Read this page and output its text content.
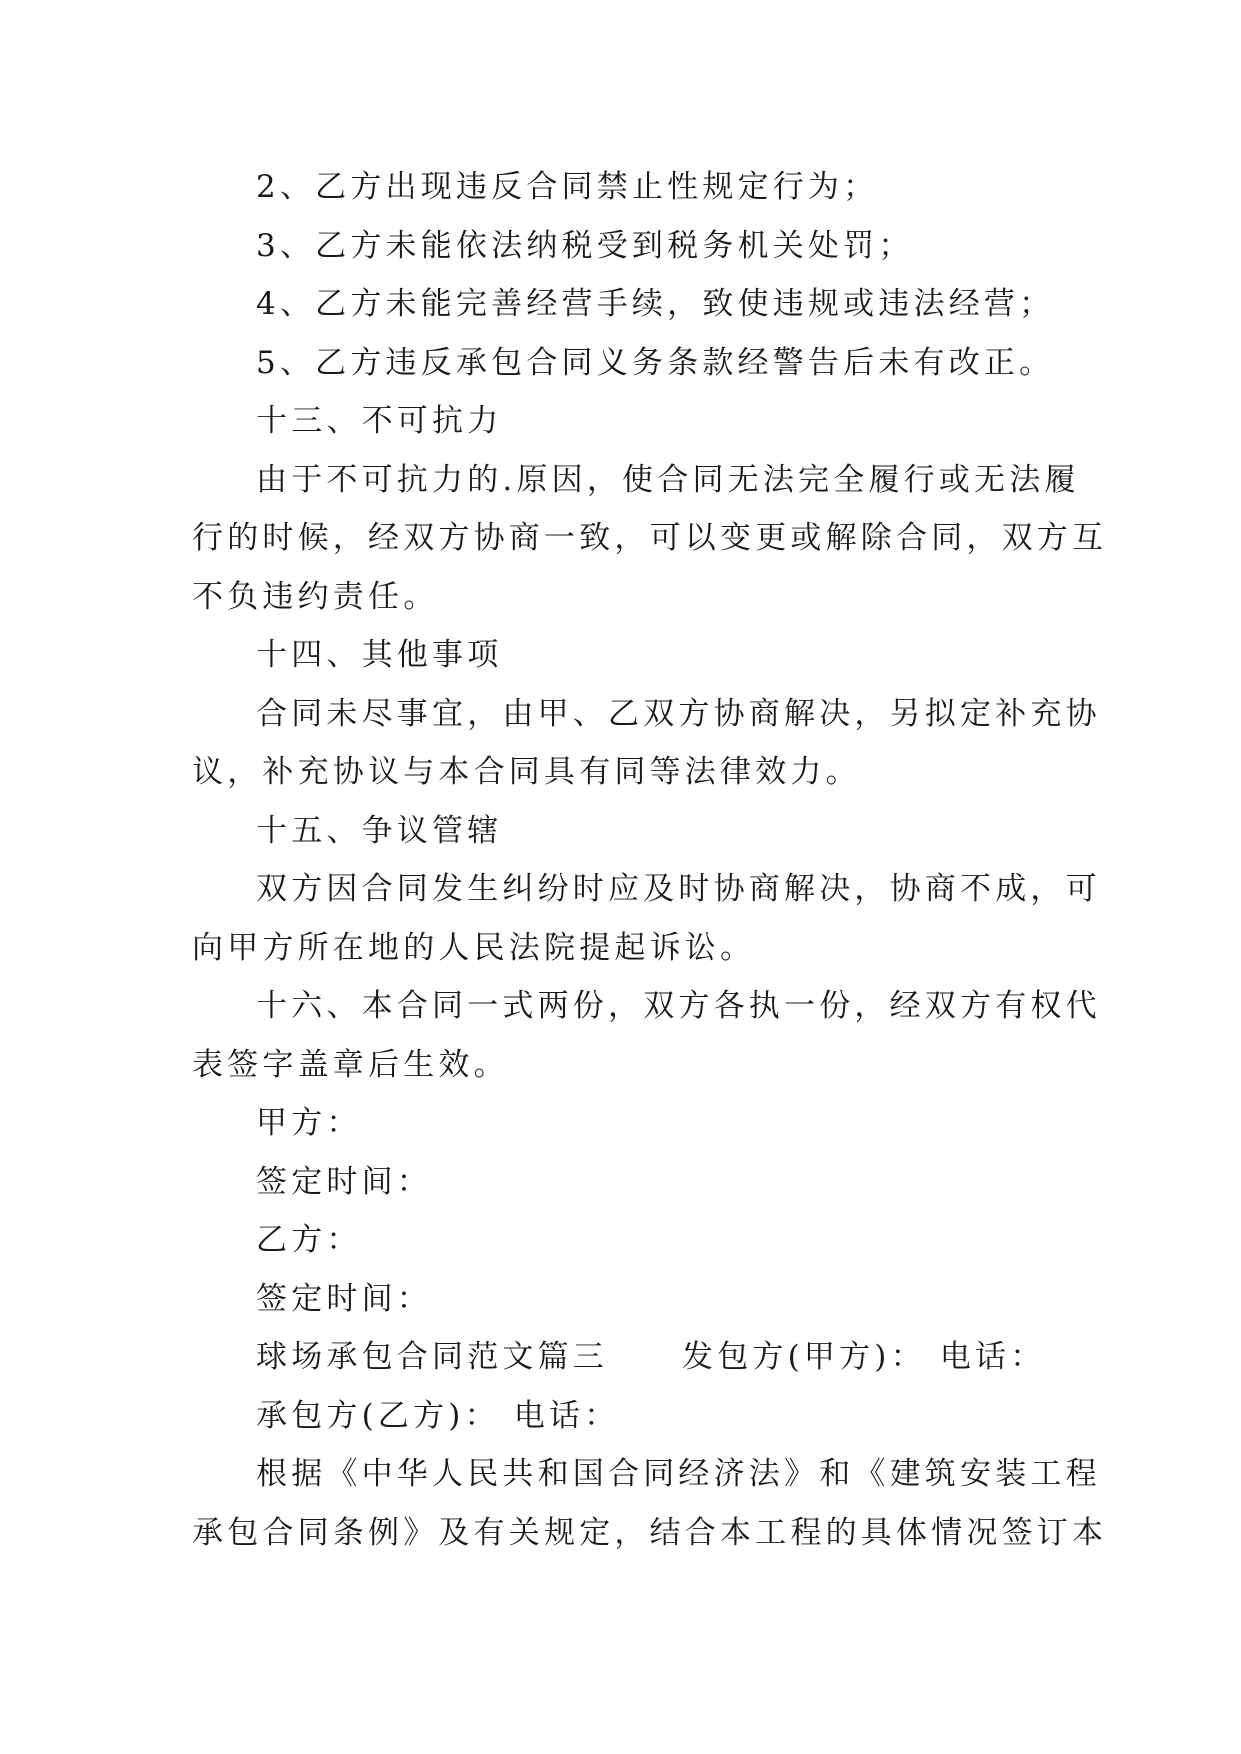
2、乙方出现违反合同禁止性规定行为；
3、乙方未能依法纳税受到税务机关处罚；
4、乙方未能完善经营手续，致使违规或违法经营；
5、乙方违反承包合同义务条款经警告后未有改正。
十三、不可抗力
由于不可抗力的.原因，使合同无法完全履行或无法履
行的时候，经双方协商一致，可以变更或解除合同，双方互
不负违约责任。
十四、其他事项
合同未尽事宜，由甲、乙双方协商解决，另拟定补充协
议，补充协议与本合同具有同等法律效力。
十五、争议管辖
双方因合同发生纠纷时应及时协商解决，协商不成，可
向甲方所在地的人民法院提起诉讼。
十六、本合同一式两份，双方各执一份，经双方有权代
表签字盖章后生效。
甲方：
签定时间：
乙方：
签定时间：
球场承包合同范文篇三 发包方(甲方)： 电话：
承包方(乙方)： 电话：
根据《中华人民共和国合同经济法》和《建筑安装工程
承包合同条例》及有关规定，结合本工程的具体情况签订本
